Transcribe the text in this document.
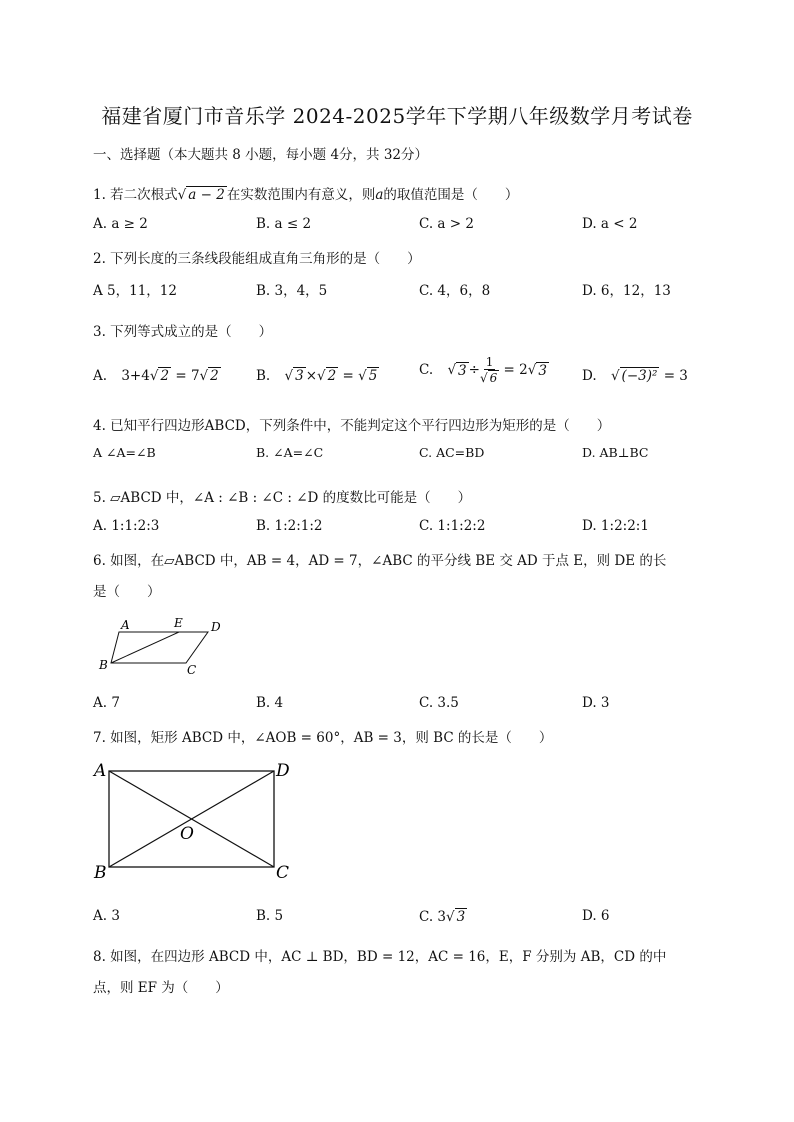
福建省厦门市音乐学 2024-2025学年下学期八年级数学月考试卷
一、选择题（本大题共 8 小题，每小题 4分，共 32分）
1. 若二次根式√ a − 2 在实数范围内有意义，则a的取值范围是（　　）
A. a ≥ 2	B. a ≤ 2	C. a > 2	D. a < 2
2. 下列长度的三条线段能组成直角三角形的是（　　）
A 5，11，12	B. 3，4，5	C. 4，6，8	D. 6，12，13
3. 下列等式成立的是（　　）
A. 3+4√ 2 = 7√ 2	B. √ 3 ×√ 2 = √ 5	C. √ $3 \div \frac{1}{√ 6} = 2√$ 3	D. √ (−3)² = 3
4. 已知平行四边形ABCD，下列条件中，不能判定这个平行四边形为矩形的是（　　）
A ∠A=∠B	B. ∠A=∠C	C. AC=BD	D. AB⊥BC
5. ▱ABCD 中，∠A : ∠B : ∠C : ∠D 的度数比可能是（　　）
A. 1:1:2:3	B. 1:2:1:2	C. 1:1:2:2	D. 1:2:2:1
6. 如图，在▱ABCD 中，AB = 4，AD = 7，∠ABC 的平分线 BE 交 AD 于点 E，则 DE 的长
是（　　）
A	E D
B	C
A. 7	B. 4	C. 3.5	D. 3
7. 如图，矩形 ABCD 中，∠AOB = 60°，AB = 3，则 BC 的长是（　　）
A	D
O
B	C
A. 3	B. 5	C. 3√ 3	D. 6
8. 如图，在四边形 ABCD 中，AC ⊥ BD，BD = 12，AC = 16，E，F 分别为 AB，CD 的中
点，则 EF 为（　　）
